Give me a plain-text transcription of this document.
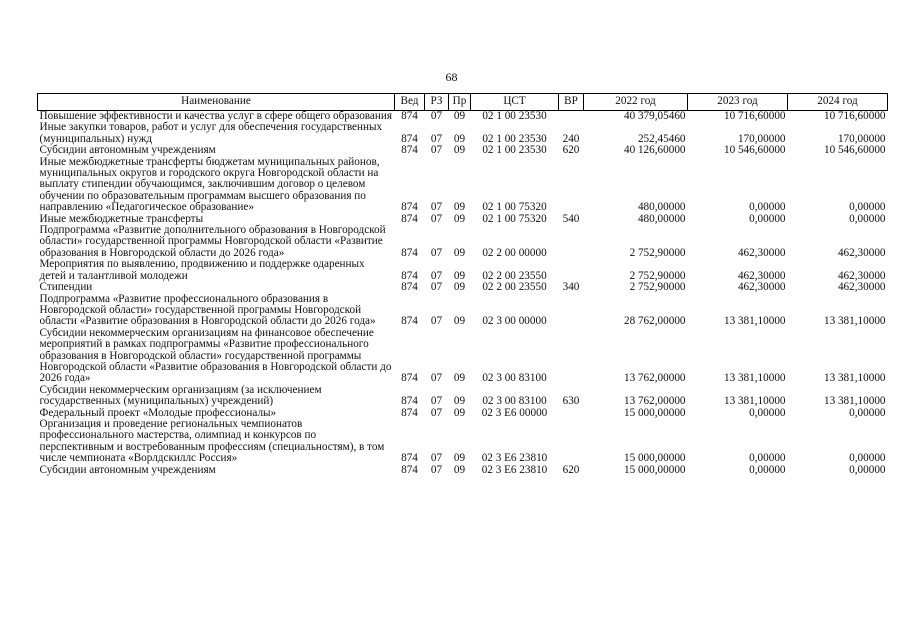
68
Наименование	Вед	РЗ	Пр	ЦСТ	ВР	2022 год	2023 год	2024 год
Повышение эффективности и качества услуг в сфере общего образования	874	07	09	02 1 00 23530		40 379,05460	10 716,60000	10 716,60000
Иные закупки товаров, работ и услуг для обеспечения государственных (муниципальных) нужд	874	07	09	02 1 00 23530	240	252,45460	170,00000	170,00000
Субсидии автономным учреждениям	874	07	09	02 1 00 23530	620	40 126,60000	10 546,60000	10 546,60000
Иные межбюджетные трансферты бюджетам муниципальных районов, муниципальных округов и городского округа Новгородской области на выплату стипендии обучающимся, заключившим договор о целевом обучении по образовательным программам высшего образования по направлению «Педагогическое образование»	874	07	09	02 1 00 75320		480,00000	0,00000	0,00000
Иные межбюджетные трансферты	874	07	09	02 1 00 75320	540	480,00000	0,00000	0,00000
Подпрограмма «Развитие дополнительного образования в Новгородской области» государственной программы Новгородской области «Развитие образования в Новгородской области до 2026 года»	874	07	09	02 2 00 00000		2 752,90000	462,30000	462,30000
Мероприятия по выявлению, продвижению и поддержке одаренных детей и талантливой молодежи	874	07	09	02 2 00 23550		2 752,90000	462,30000	462,30000
Стипендии	874	07	09	02 2 00 23550	340	2 752,90000	462,30000	462,30000
Подпрограмма «Развитие профессионального образования в Новгородской области» государственной программы Новгородской области «Развитие образования в Новгородской области до 2026 года»	874	07	09	02 3 00 00000		28 762,00000	13 381,10000	13 381,10000
Субсидии некоммерческим организациям на финансовое обеспечение мероприятий в рамках подпрограммы «Развитие профессионального образования в Новгородской области» государственной программы Новгородской области «Развитие образования в Новгородской области до 2026 года»	874	07	09	02 3 00 83100		13 762,00000	13 381,10000	13 381,10000
Субсидии некоммерческим организациям (за исключением государственных (муниципальных) учреждений)	874	07	09	02 3 00 83100	630	13 762,00000	13 381,10000	13 381,10000
Федеральный проект «Молодые профессионалы»	874	07	09	02 3 E6 00000		15 000,00000	0,00000	0,00000
Организация и проведение региональных чемпионатов профессионального мастерства, олимпиад и конкурсов по перспективным и востребованным профессиям (специальностям), в том числе чемпионата «Ворлдскиллс Россия»	874	07	09	02 3 E6 23810		15 000,00000	0,00000	0,00000
Субсидии автономным учреждениям	874	07	09	02 3 E6 23810	620	15 000,00000	0,00000	0,00000
